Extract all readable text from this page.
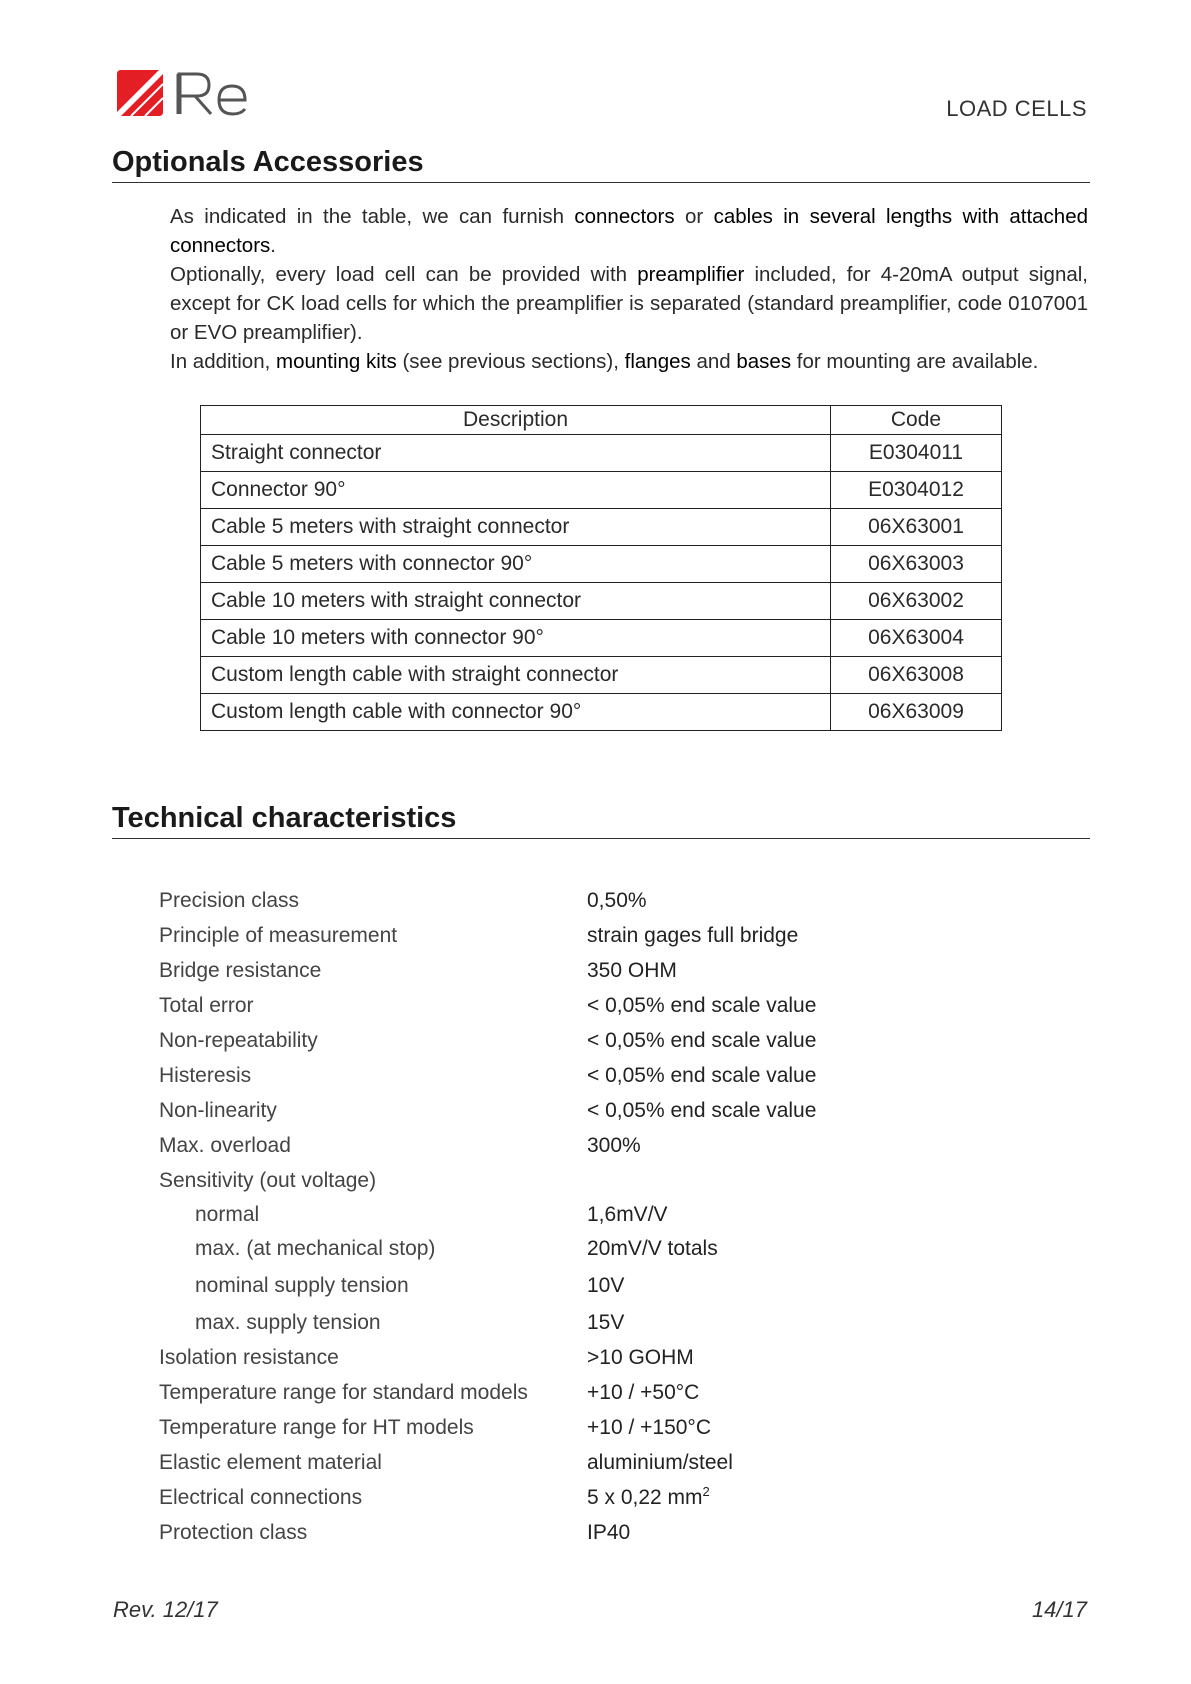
LOAD CELLS
Optionals Accessories

As indicated in the table, we can furnish connectors or cables in several lengths with attached connectors.

Optionally, every load cell can be provided with preamplifier included, for 4-20mA output signal, except for CK load cells for which the preamplifier is separated (standard preamplifier, code 0107001 or EVO preamplifier).

In addition, mounting kits (see previous sections), flanges and bases for mounting are available.

Description	Code
Straight connector	E0304011
Connector 90°	E0304012
Cable 5 meters with straight connector	06X63001
Cable 5 meters with connector 90°	06X63003
Cable 10 meters with straight connector	06X63002
Cable 10 meters with connector 90°	06X63004
Custom length cable with straight connector	06X63008
Custom length cable with connector 90°	06X63009
Technical characteristics
Precision class	0,50%
Principle of measurement	strain gages full bridge
Bridge resistance	350 OHM
Total error	< 0,05% end scale value
Non-repeatability	< 0,05% end scale value
Histeresis	< 0,05% end scale value
Non-linearity	< 0,05% end scale value
Max. overload	300%
Sensitivity (out voltage)
normal	1,6mV/V
max. (at mechanical stop)	20mV/V totals
nominal supply tension	10V
max. supply tension	15V
Isolation resistance	>10 GOHM
Temperature range for standard models	+10 / +50°C
Temperature range for HT models	+10 / +150°C
Elastic element material	aluminium/steel
Electrical connections	5 x 0,22 $mm^2$
Protection class	IP40
Rev. 12/17	14/17
